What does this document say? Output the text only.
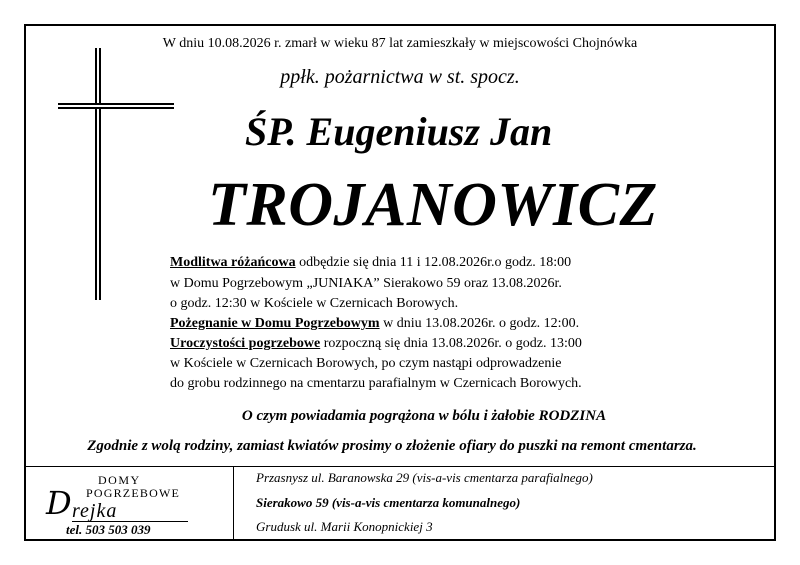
W dniu 10.08.2026 r. zmarł w wieku 87 lat zamieszkały w miejscowości Chojnówka
ppłk. pożarnictwa w st. spocz.
ŚP. Eugeniusz Jan
TROJANOWICZ
Modlitwa różańcowa odbędzie się dnia 11 i 12.08.2026r.o godz. 18:00
w Domu Pogrzebowym „JUNIAKA” Sierakowo 59 oraz 13.08.2026r.
o godz. 12:30 w Kościele w Czernicach Borowych.
Pożegnanie w Domu Pogrzebowym w dniu 13.08.2026r. o godz. 12:00.
Uroczystości pogrzebowe rozpoczną się dnia 13.08.2026r. o godz. 13:00
w Kościele w Czernicach Borowych, po czym nastąpi odprowadzenie
do grobu rodzinnego na cmentarzu parafialnym w Czernicach Borowych.
O czym powiadamia pogrążona w bólu i żałobie RODZINA
Zgodnie z wolą rodziny, zamiast kwiatów prosimy o złożenie ofiary do puszki na remont cmentarza.
DOMY
POGRZEBOWE
D rejka
tel. 503 503 039
Przasnysz ul. Baranowska 29 (vis-a-vis cmentarza parafialnego)
Sierakowo 59 (vis-a-vis cmentarza komunalnego)
Grudusk ul. Marii Konopnickiej 3
